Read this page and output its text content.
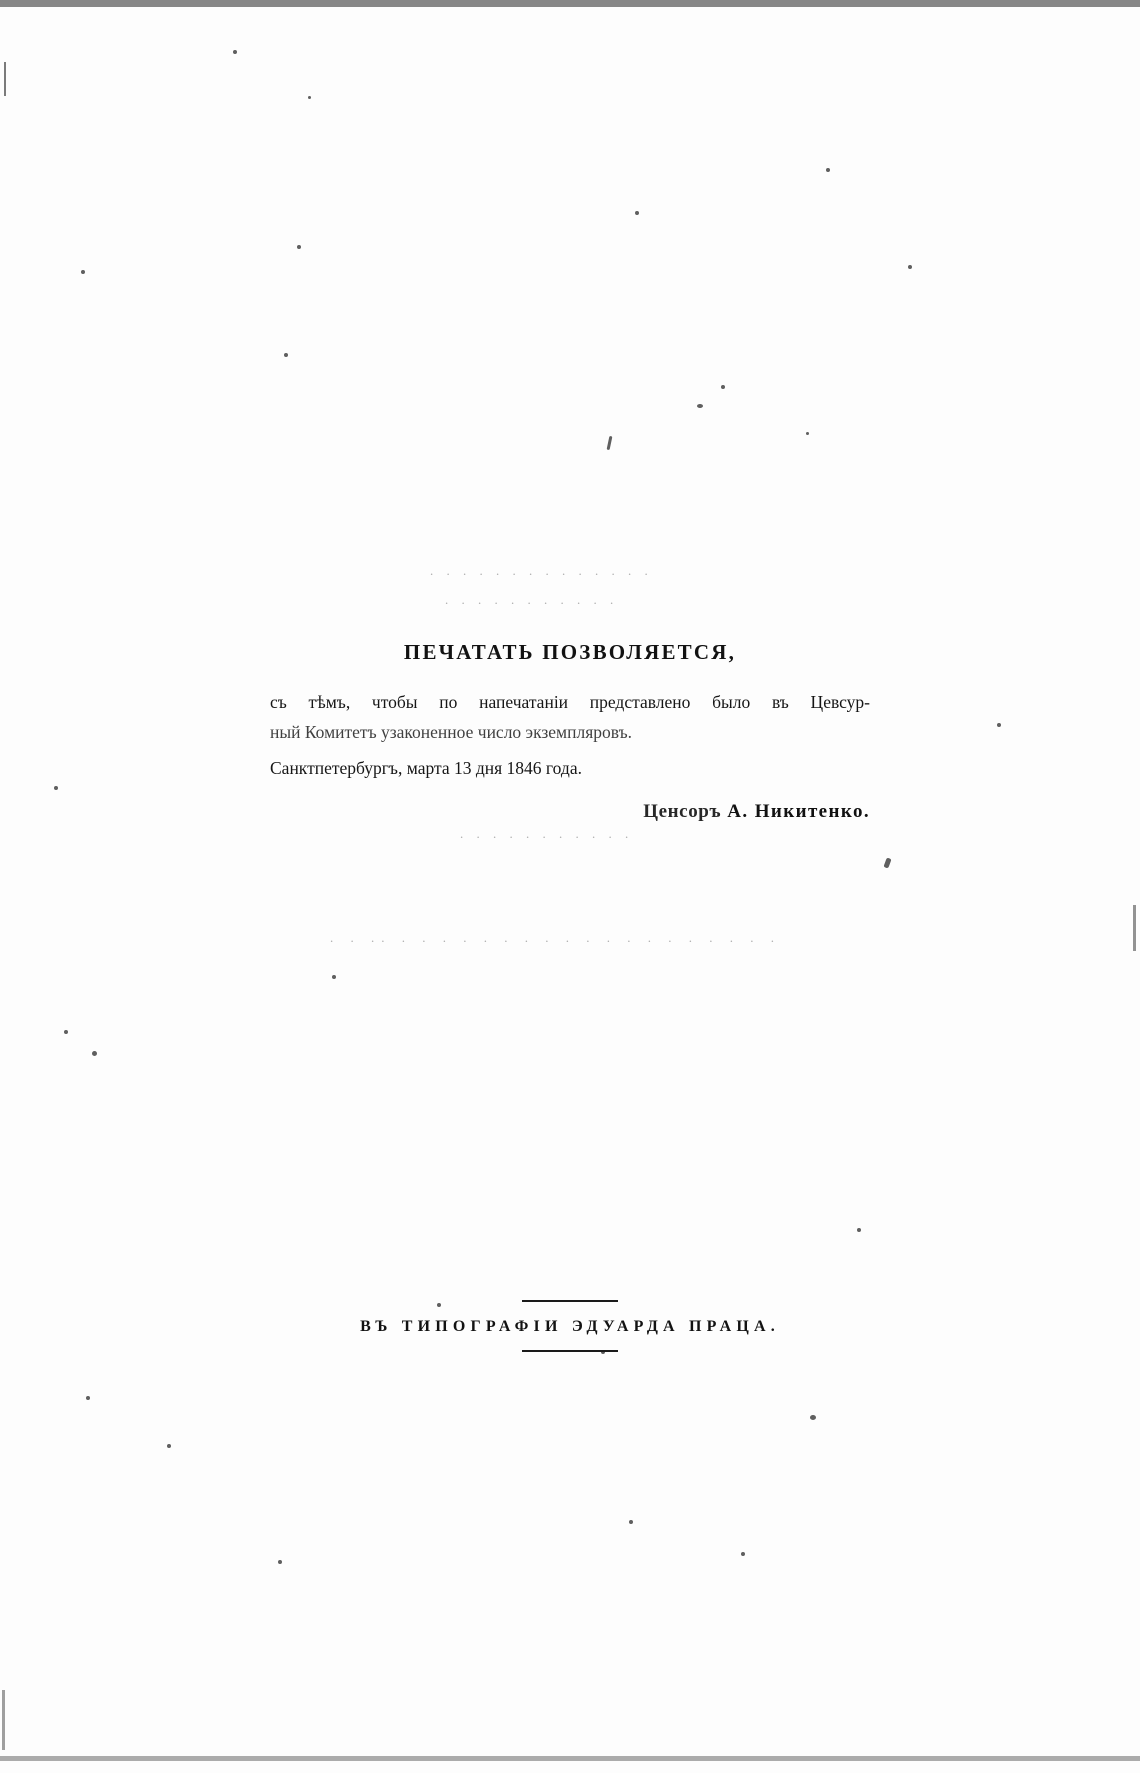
. . . . . . . . . . . . . .
. . . . . . . . . . .
ПЕЧАТАТЬ ПОЗВОЛЯЕТСЯ,
съ тѣмъ, чтобы по напечатаніи представлено было въ Цевсур-
ный Комитетъ узаконенное число экземпляровъ.
Санктпетербургъ, марта 13 дня 1846 года.
Ценсоръ А. Никитенко.
. . . . . . . . . . .
. . .. . . . . . . . . . . . . . . . . . . .
ВЪ ТИПОГРАФІИ ЭДУАРДА ПРАЦА.
